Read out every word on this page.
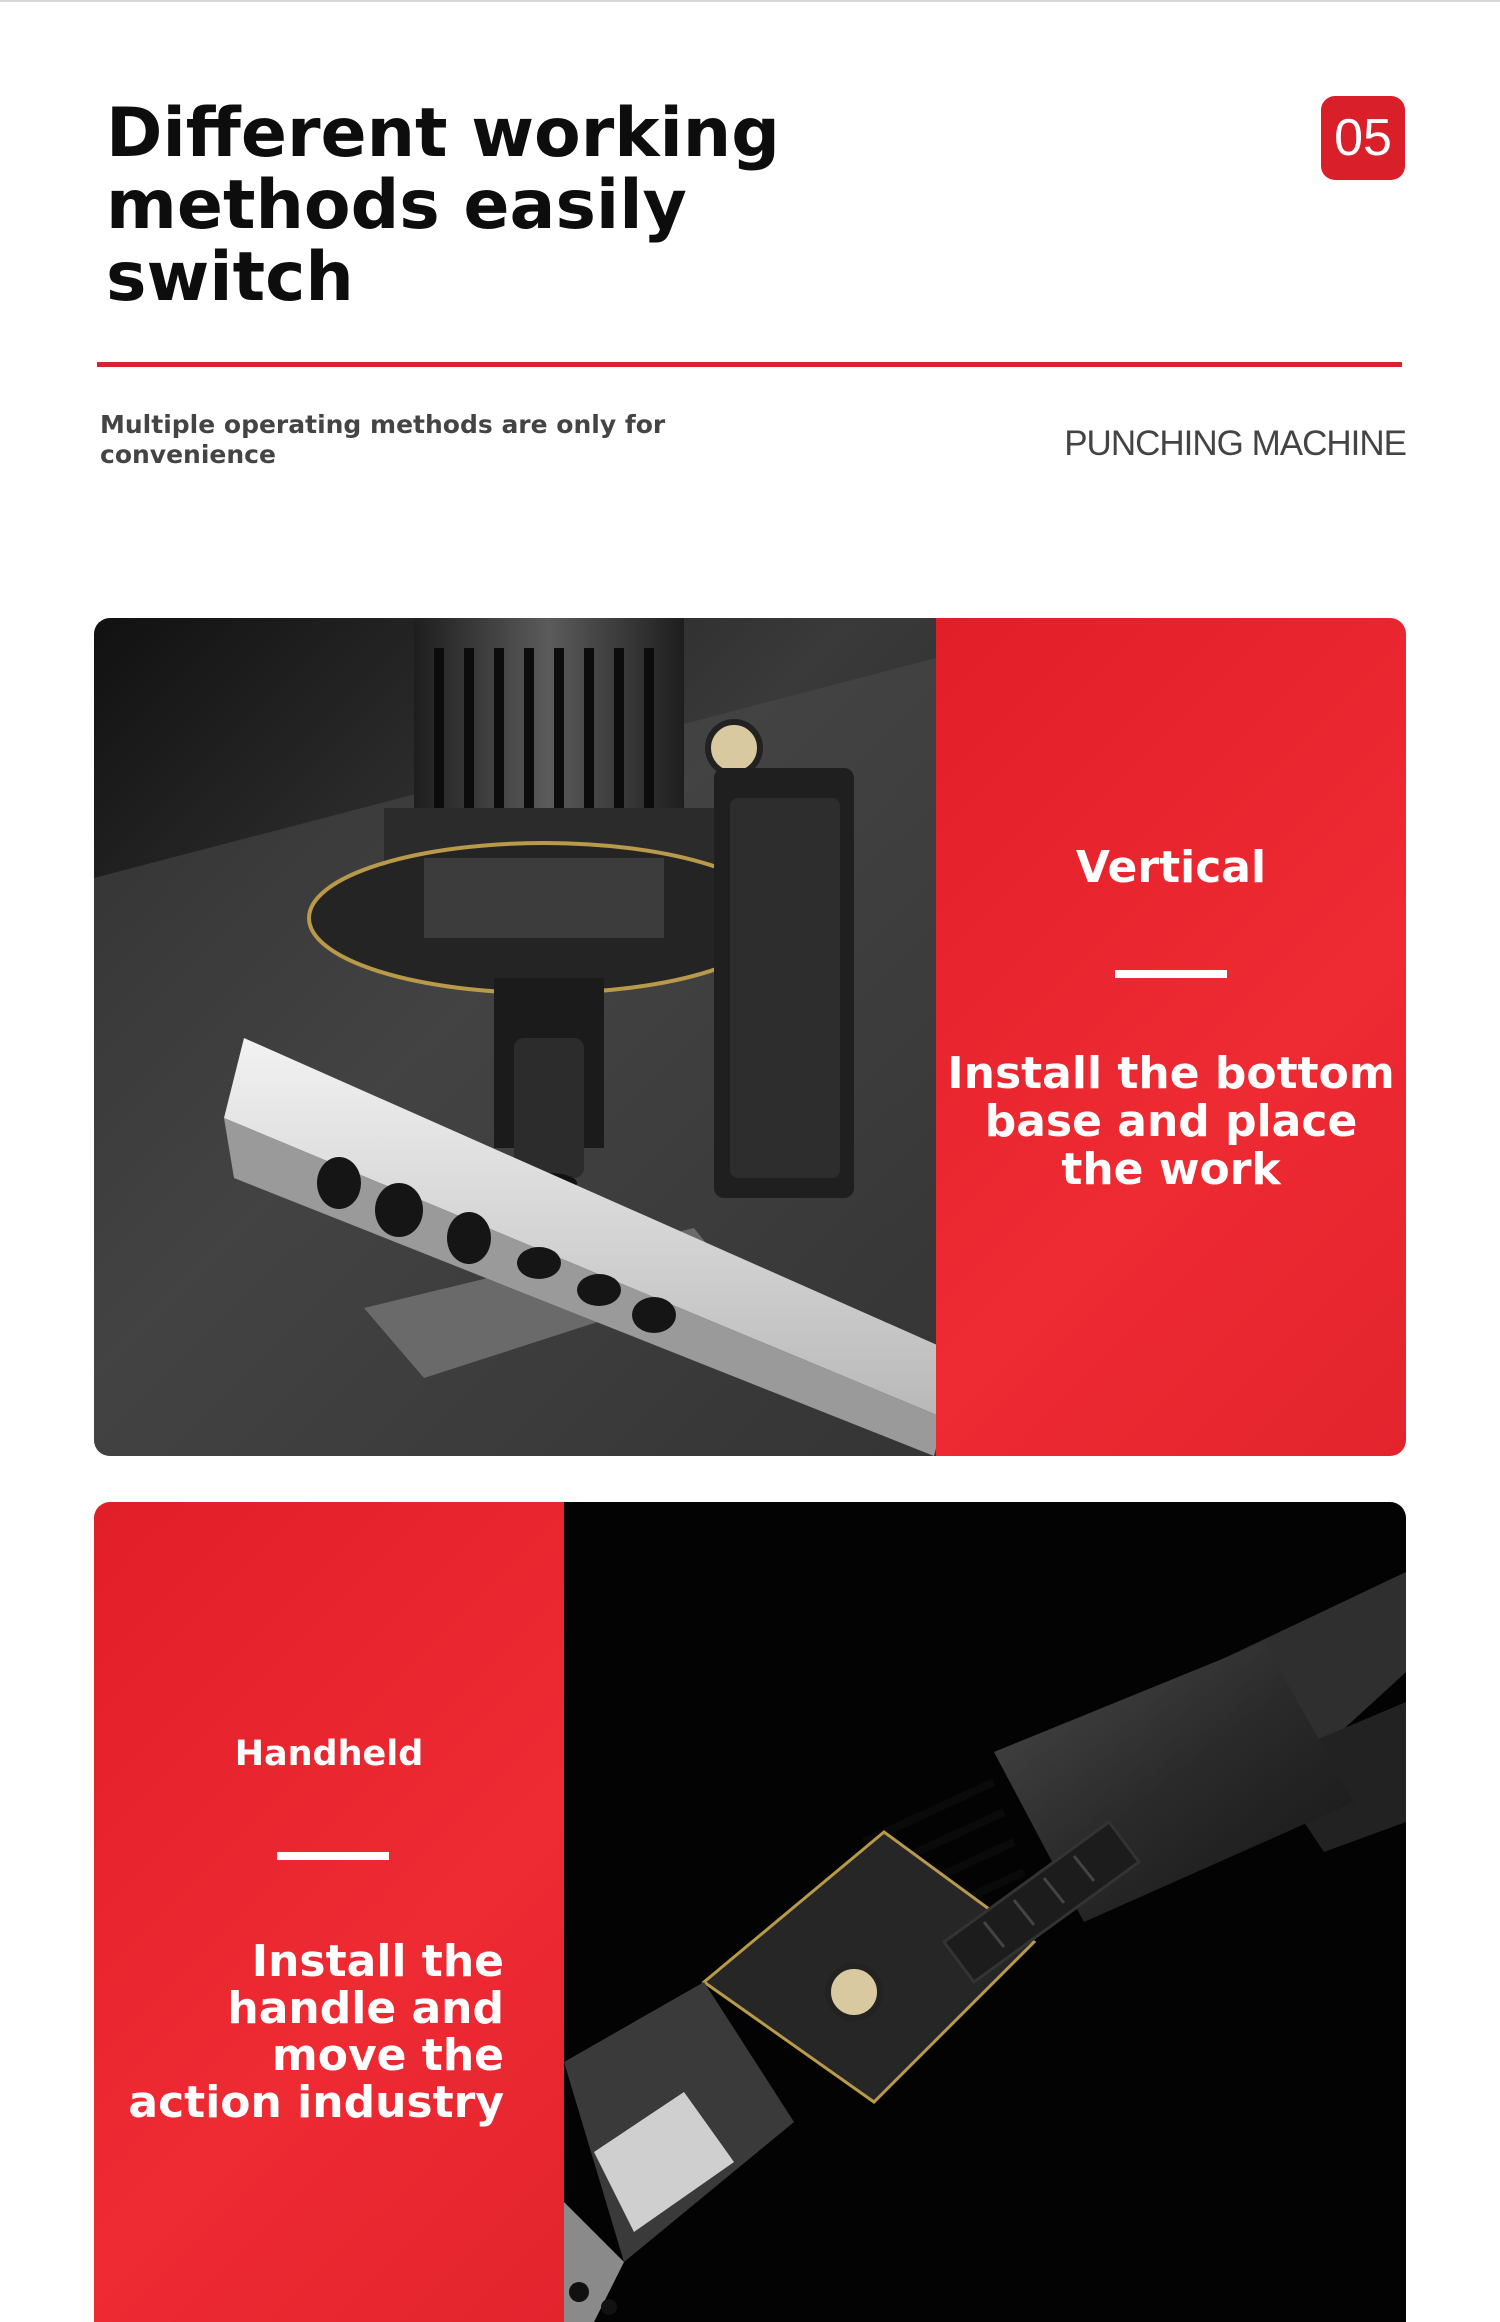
Different working methods easily switch
05

Multiple operating methods are only for convenience	PUNCHING MACHINE
Vertical
Install the bottom base and place the work
Handheld
Install the handle and move the action industry
